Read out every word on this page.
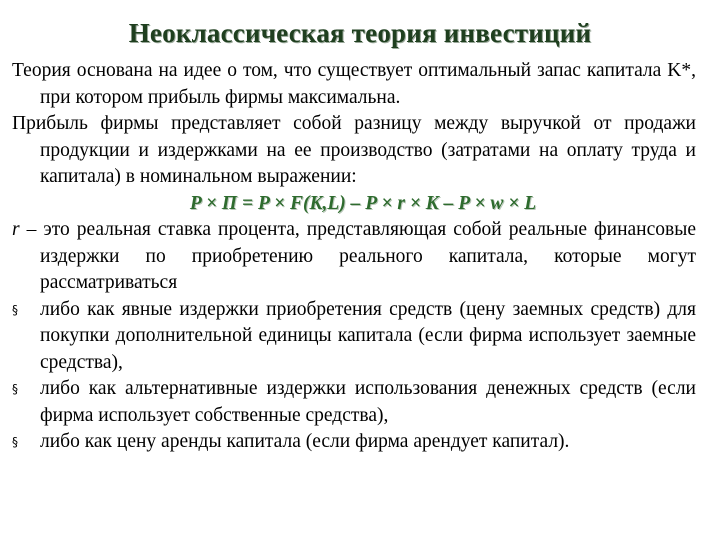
Неоклассическая теория инвестиций

Теория основана на идее о том, что существует оптимальный запас капитала K*, при котором прибыль фирмы максимальна.

Прибыль фирмы представляет собой разницу между выручкой от продажи продукции и издержками на ее производство (затратами на оплату труда и капитала) в номинальном выражении:

P × П = P × F(K,L) – P × r × K – P × w × L

r – это реальная ставка процента, представляющая собой реальные финансовые издержки по приобретению реального капитала, которые могут рассматриваться

§	либо как явные издержки приобретения средств (цену заемных средств) для покупки дополнительной единицы капитала (если фирма использует заемные средства),

§	либо как альтернативные издержки использования денежных средств (если фирма использует собственные средства),

§	либо как цену аренды капитала (если фирма арендует капитал).
